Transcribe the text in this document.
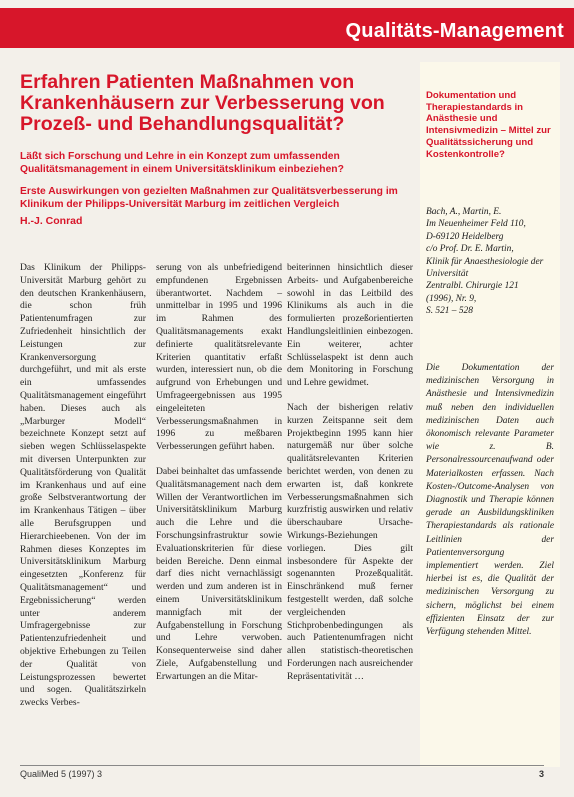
Qualitäts-Management
Erfahren Patienten Maßnahmen von Krankenhäusern zur Verbesserung von Prozeß- und Behandlungsqualität?

Läßt sich Forschung und Lehre in ein Konzept zum umfassenden Qualitätsmanagement in einem Universitätsklinikum einbeziehen?

Erste Auswirkungen von gezielten Maßnahmen zur Qualitätsverbesserung im Klinikum der Philipps-Universität Marburg im zeitlichen Vergleich

H.-J. Conrad

Das Klinikum der Philipps-Universität Marburg gehört zu den deutschen Krankenhäusern, die schon früh Patientenumfragen zur Zufriedenheit hinsichtlich der Leistungen zur Krankenversorgung durchgeführt, und mit als erste ein umfassendes Qualitätsmanagement eingeführt haben. Dieses auch als „Marburger Modell“ bezeichnete Konzept setzt auf sieben wegen Schlüsselaspekte mit diversen Unterpunkten zur Qualitätsförderung von Qualität im Krankenhaus und auf eine große Selbstverantwortung der im Krankenhaus Tätigen – über alle Berufsgruppen und Hierarchieebenen. Von der im Rahmen dieses Konzeptes im Universitätsklinikum Marburg eingesetzten „Konferenz für Qualitätsmanagement“ und Ergebnissicherung“ werden unter anderem Umfragergebnisse zur Patientenzufriedenheit und objektive Erhebungen zu Teilen der Qualität von Leistungsprozessen bewertet und sogen. Qualitätszirkeln zwecks Verbes-

serung von als unbefriedigend empfundenen Ergebnissen überantwortet. Nachdem – unmittelbar in 1995 und 1996 im Rahmen des Qualitätsmanagements exakt definierte qualitätsrelevante Kriterien quantitativ erfaßt wurden, interessiert nun, ob die aufgrund von Erhebungen und Umfrageergebnissen aus 1995 eingeleiteten Verbesserungsmaßnahmen in 1996 zu meßbaren Verbesserungen geführt haben.

Dabei beinhaltet das umfassende Qualitätsmanagement nach dem Willen der Verantwortlichen im Universitätsklinikum Marburg auch die Lehre und die Forschungsinfrastruktur sowie Evaluationskriterien für diese beiden Bereiche. Denn einmal darf dies nicht vernachlässigt werden und zum anderen ist in einem Universitätsklinikum mannigfach mit der Aufgabenstellung in Forschung und Lehre verwoben. Konsequenterweise sind daher Ziele, Aufgabenstellung und Erwartungen an die Mitar-

beiterinnen hinsichtlich dieser Arbeits- und Aufgabenbereiche sowohl in das Leitbild des Klinikums als auch in die formulierten prozeßorientierten Handlungsleitlinien einbezogen. Ein weiterer, achter Schlüsselaspekt ist denn auch dem Monitoring in Forschung und Lehre gewidmet.

Nach der bisherigen relativ kurzen Zeitspanne seit dem Projektbeginn 1995 kann hier naturgemäß nur über solche qualitätsrelevanten Kriterien berichtet werden, von denen zu erwarten ist, daß konkrete Verbesserungsmaßnahmen sich kurzfristig auswirken und relativ überschaubare Ursache-Wirkungs-Beziehungen vorliegen. Dies gilt insbesondere für Aspekte der sogenannten Prozeßqualität. Einschränkend muß ferner festgestellt werden, daß solche vergleichenden Stichprobenbedingungen als auch Patientenumfragen nicht allen statistisch-theoretischen Forderungen nach ausreichender Repräsentativität …

Dokumentation und Therapiestandards in Anästhesie und Intensivmedizin – Mittel zur Qualitätssicherung und Kostenkontrolle?
Bach, A., Martin, E.
Im Neuenheimer Feld 110,
D-69120 Heidelberg
c/o Prof. Dr. E. Martin,
Klinik für Anaesthesiologie der Universität
Zentralbl. Chirurgie 121
(1996), Nr. 9,
S. 521 – 528
Die Dokumentation der medizinischen Versorgung in Anästhesie und Intensivmedizin muß neben den individuellen medizinischen Daten auch ökonomisch relevante Parameter wie z. B. Personalressourcenaufwand oder Materialkosten erfassen. Nach Kosten-/Outcome-Analysen von Diagnostik und Therapie können gerade an Ausbildungskliniken Therapiestandards als rationale Leitlinien der Patientenversorgung implementiert werden. Ziel hierbei ist es, die Qualität der medizinischen Versorgung zu sichern, möglichst bei einem effizienten Einsatz der zur Verfügung stehenden Mittel.
QualiMed 5 (1997) 3	3
